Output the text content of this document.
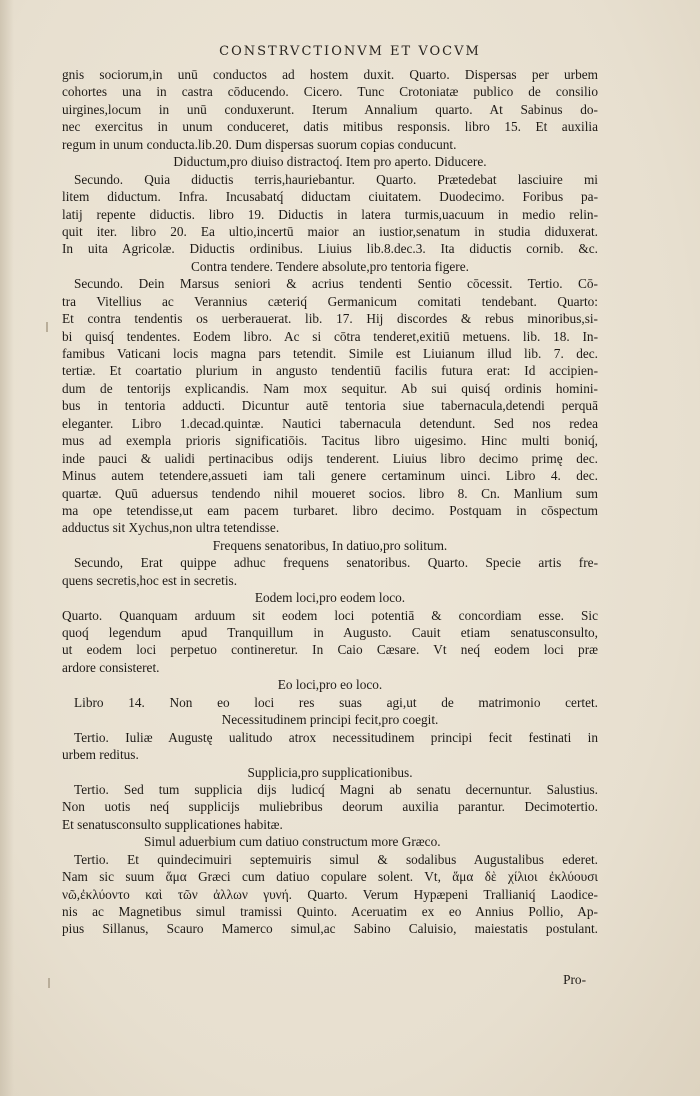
CONSTRVCTIONVM ET VOCVM
gnis sociorum,in unū conductos ad hostem duxit. Quarto. Dispersas per urbem
cohortes una in castra cōducendo. Cicero. Tunc Crotoniatæ publico de consilio
uirgines,locum in unū conduxerunt. Iterum Annalium quarto. At Sabinus do-
nec exercitus in unum conduceret, datis mitibus responsis. libro 15. Et auxilia
regum in unum conducta.lib.20. Dum dispersas suorum copias conducunt.
Diductum,pro diuiso distractoq́. Item pro aperto. Diducere.
Secundo. Quia diductis terris,hauriebantur. Quarto. Prætedebat lasciuire mi
litem diductum. Infra. Incusabatq́ diductam ciuitatem. Duodecimo. Foribus pa-
latij repente diductis. libro 19. Diductis in latera turmis,uacuum in medio relin-
quit iter. libro 20. Ea ultio,incertū maior an iustior,senatum in studia diduxerat.
In uita Agricolæ. Diductis ordinibus. Liuius lib.8.dec.3. Ita diductis cornib. &c.
Contra tendere. Tendere absolute,pro tentoria figere.
Secundo. Dein Marsus seniori & acrius tendenti Sentio cōcessit. Tertio. Cō-
tra Vitellius ac Verannius cæteriq́ Germanicum comitati tendebant. Quarto:
Et contra tendentis os uerberauerat. lib. 17. Hij discordes & rebus minoribus,si-
bi quisq́ tendentes. Eodem libro. Ac si cōtra tenderet,exitiū metuens. lib. 18. In-
famibus Vaticani locis magna pars tetendit. Simile est Liuianum illud lib. 7. dec.
tertiæ. Et coartatio plurium in angusto tendentiū facilis futura erat: Id accipien-
dum de tentorijs explicandis. Nam mox sequitur. Ab sui quisq́ ordinis homini-
bus in tentoria adducti. Dicuntur autē tentoria siue tabernacula,detendi perquā
eleganter. Libro 1.decad.quintæ. Nautici tabernacula detendunt. Sed nos redea
mus ad exempla prioris significatiōis. Tacitus libro uigesimo. Hinc multi boniq́,
inde pauci & ualidi pertinacibus odijs tenderent. Liuius libro decimo primę dec.
Minus autem tetendere,assueti iam tali genere certaminum uinci. Libro 4. dec.
quartæ. Quū aduersus tendendo nihil moueret socios. libro 8. Cn. Manlium sum
ma ope tetendisse,ut eam pacem turbaret. libro decimo. Postquam in cōspectum
adductus sit Xychus,non ultra tetendisse.
Frequens senatoribus, In datiuo,pro solitum.
Secundo, Erat quippe adhuc frequens senatoribus. Quarto. Specie artis fre-
quens secretis,hoc est in secretis.
Eodem loci,pro eodem loco.
Quarto. Quanquam arduum sit eodem loci potentiā & concordiam esse. Sic
quoq́ legendum apud Tranquillum in Augusto. Cauit etiam senatusconsulto,
ut eodem loci perpetuo contineretur. In Caio Cæsare. Vt neq́ eodem loci præ
ardore consisteret.
Eo loci,pro eo loco.
Libro 14. Non eo loci res suas agi,ut de matrimonio certet.
Necessitudinem principi fecit,pro coegit.
Tertio. Iuliæ Augustę ualitudo atrox necessitudinem principi fecit festinati in
urbem reditus.
Supplicia,pro supplicationibus.
Tertio. Sed tum supplicia dijs ludicq́ Magni ab senatu decernuntur. Salustius.
Non uotis neq́ supplicijs muliebribus deorum auxilia parantur. Decimotertio.
Et senatusconsulto supplicationes habitæ.
Simul aduerbium cum datiuo constructum more Græco.
Tertio. Et quindecimuiri septemuiris simul & sodalibus Augustalibus ederet.
Nam sic suum ἅμα Græci cum datiuo copulare solent. Vt, ἅμα δὲ χίλιοι ἐκλύουσι
νῶ,ἐκλύοντο καὶ τῶν ἀλλων γυνή. Quarto. Verum Hypæpeni Trallianiq́ Laodice-
nis ac Magnetibus simul tramissi Quinto. Aceruatim ex eo Annius Pollio, Ap-
pius Sillanus, Scauro Mamerco simul,ac Sabino Caluisio, maiestatis postulant.
Pro-
